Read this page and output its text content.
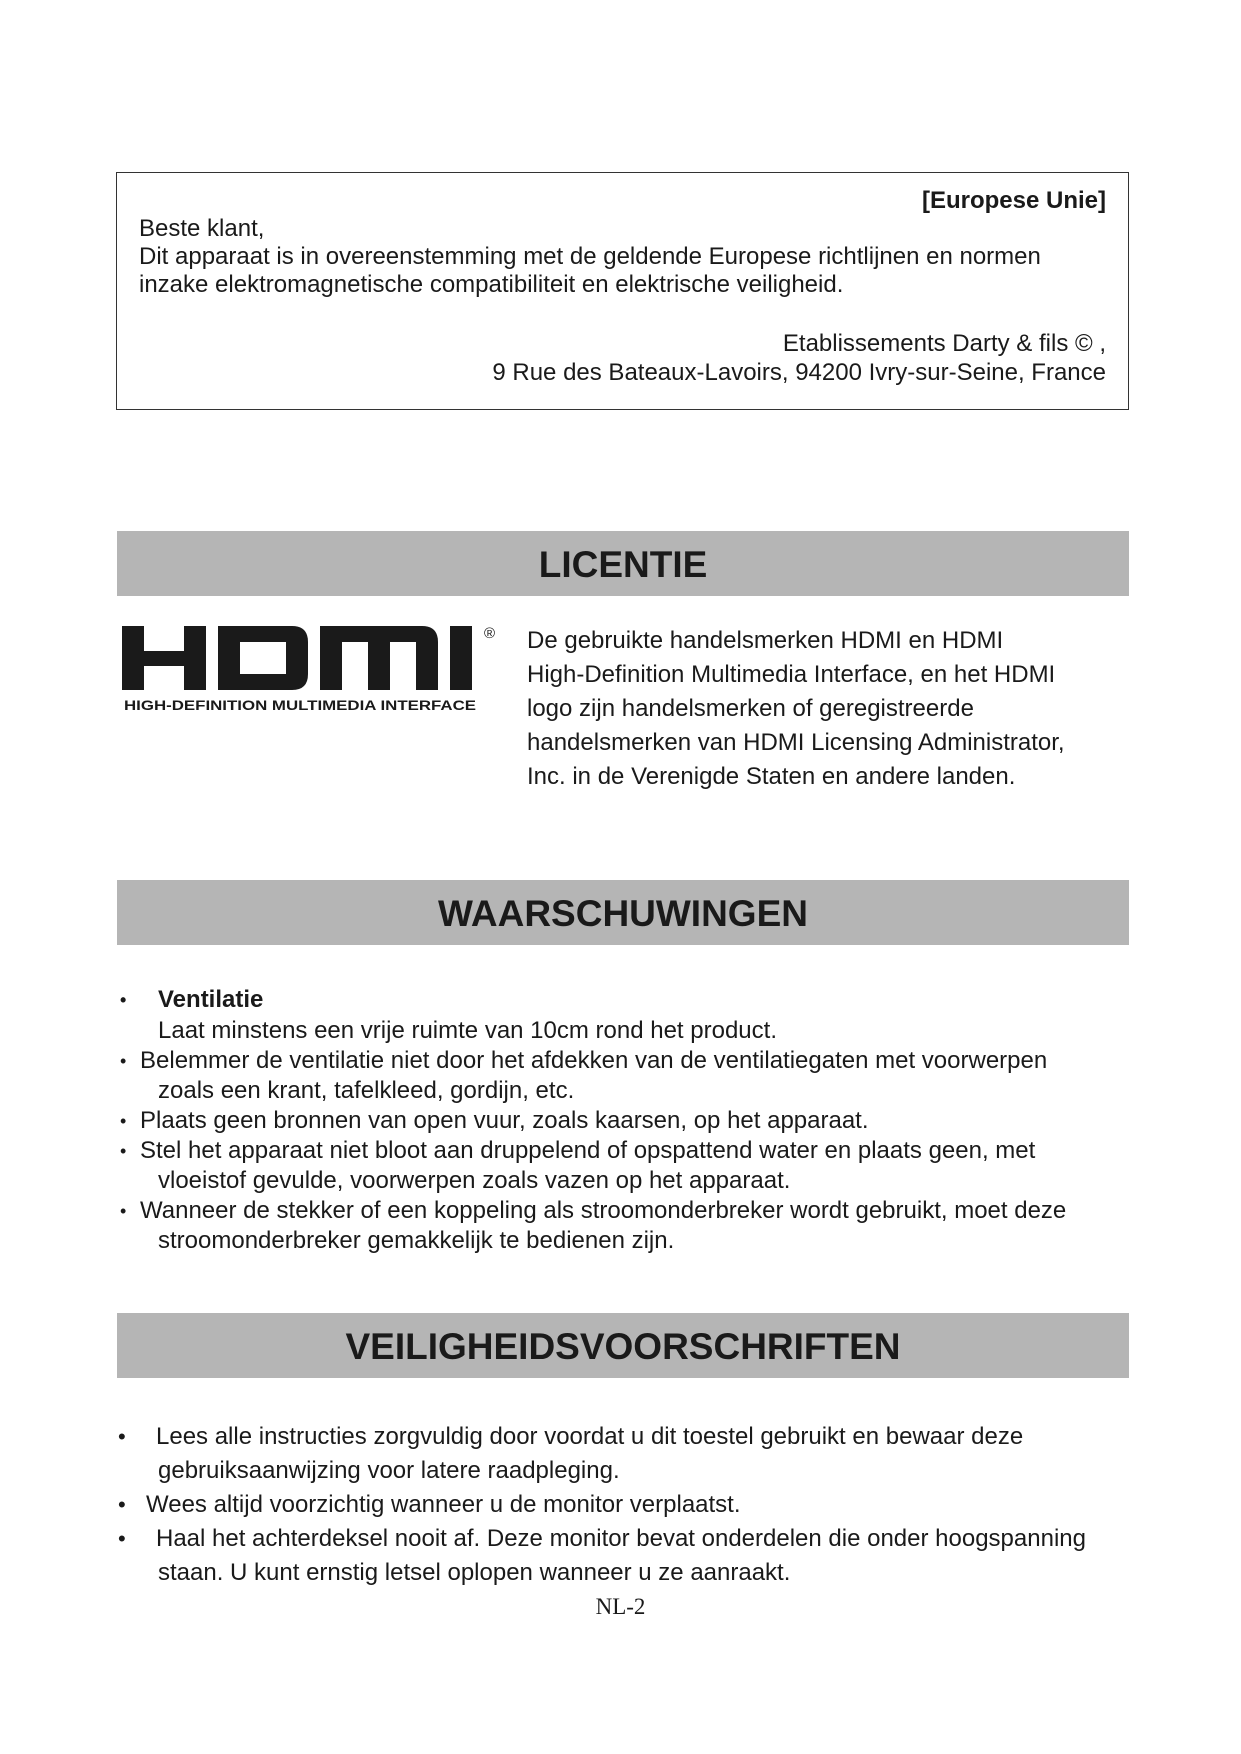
[Europese Unie]
Beste klant,
Dit apparaat is in overeenstemming met de geldende Europese richtlijnen en normen inzake elektromagnetische compatibiliteit en elektrische veiligheid.
Etablissements Darty & fils © ,
9 Rue des Bateaux-Lavoirs, 94200 Ivry-sur-Seine, France
LICENTIE
®
HIGH-DEFINITION MULTIMEDIA INTERFACE
De gebruikte handelsmerken HDMI en HDMI
High-Definition Multimedia Interface, en het HDMI
logo zijn handelsmerken of geregistreerde
handelsmerken van HDMI Licensing Administrator,
Inc. in de Verenigde Staten en andere landen.
WAARSCHUWINGEN
• Ventilatie
Laat minstens een vrije ruimte van 10cm rond het product.
• Belemmer de ventilatie niet door het afdekken van de ventilatiegaten met voorwerpen
zoals een krant, tafelkleed, gordijn, etc.
• Plaats geen bronnen van open vuur, zoals kaarsen, op het apparaat.
• Stel het apparaat niet bloot aan druppelend of opspattend water en plaats geen, met
vloeistof gevulde, voorwerpen zoals vazen op het apparaat.
• Wanneer de stekker of een koppeling als stroomonderbreker wordt gebruikt, moet deze
stroomonderbreker gemakkelijk te bedienen zijn.
VEILIGHEIDSVOORSCHRIFTEN
• Lees alle instructies zorgvuldig door voordat u dit toestel gebruikt en bewaar deze
gebruiksaanwijzing voor latere raadpleging.
• Wees altijd voorzichtig wanneer u de monitor verplaatst.
• Haal het achterdeksel nooit af. Deze monitor bevat onderdelen die onder hoogspanning
staan. U kunt ernstig letsel oplopen wanneer u ze aanraakt.
NL-2
